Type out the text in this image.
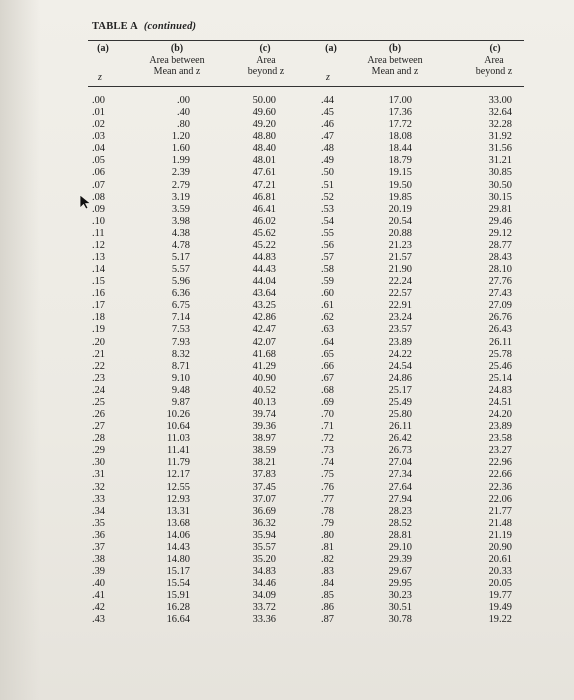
TABLE A (continued)
(a)	(b)
Area between
Mean and z
(c)
Area
beyond z
z
(a)	(b)
Area between
Mean and z
(c)
Area
beyond z
z
.00
.01
.02
.03
.04
.05
.06
.07
.08
.09
.10
.11
.12
.13
.14
.15
.16
.17
.18
.19
.20
.21
.22
.23
.24
.25
.26
.27
.28
.29
.30
.31
.32
.33
.34
.35
.36
.37
.38
.39
.40
.41
.42
.43
.00
.40
.80
1.20
1.60
1.99
2.39
2.79
3.19
3.59
3.98
4.38
4.78
5.17
5.57
5.96
6.36
6.75
7.14
7.53
7.93
8.32
8.71
9.10
9.48
9.87
10.26
10.64
11.03
11.41
11.79
12.17
12.55
12.93
13.31
13.68
14.06
14.43
14.80
15.17
15.54
15.91
16.28
16.64
50.00
49.60
49.20
48.80
48.40
48.01
47.61
47.21
46.81
46.41
46.02
45.62
45.22
44.83
44.43
44.04
43.64
43.25
42.86
42.47
42.07
41.68
41.29
40.90
40.52
40.13
39.74
39.36
38.97
38.59
38.21
37.83
37.45
37.07
36.69
36.32
35.94
35.57
35.20
34.83
34.46
34.09
33.72
33.36
.44
.45
.46
.47
.48
.49
.50
.51
.52
.53
.54
.55
.56
.57
.58
.59
.60
.61
.62
.63
.64
.65
.66
.67
.68
.69
.70
.71
.72
.73
.74
.75
.76
.77
.78
.79
.80
.81
.82
.83
.84
.85
.86
.87
17.00
17.36
17.72
18.08
18.44
18.79
19.15
19.50
19.85
20.19
20.54
20.88
21.23
21.57
21.90
22.24
22.57
22.91
23.24
23.57
23.89
24.22
24.54
24.86
25.17
25.49
25.80
26.11
26.42
26.73
27.04
27.34
27.64
27.94
28.23
28.52
28.81
29.10
29.39
29.67
29.95
30.23
30.51
30.78
33.00
32.64
32.28
31.92
31.56
31.21
30.85
30.50
30.15
29.81
29.46
29.12
28.77
28.43
28.10
27.76
27.43
27.09
26.76
26.43
26.11
25.78
25.46
25.14
24.83
24.51
24.20
23.89
23.58
23.27
22.96
22.66
22.36
22.06
21.77
21.48
21.19
20.90
20.61
20.33
20.05
19.77
19.49
19.22
